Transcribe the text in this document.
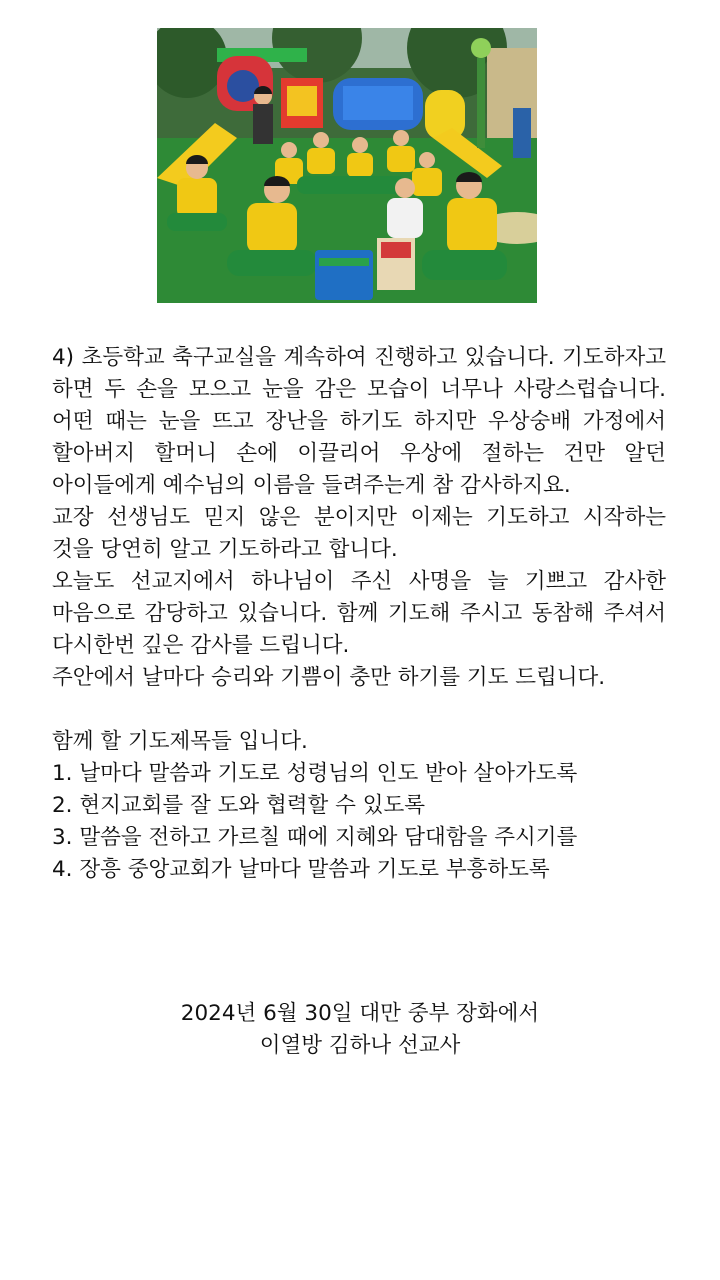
4) 초등학교 축구교실을 계속하여 진행하고 있습니다. 기도하자고 하면 두 손을 모으고 눈을 감은 모습이 너무나 사랑스럽습니다. 어떤 때는 눈을 뜨고 장난을 하기도 하지만 우상숭배 가정에서 할아버지 할머니 손에 이끌리어 우상에 절하는 건만 알던 아이들에게 예수님의 이름을 들려주는게 참 감사하지요.

교장 선생님도 믿지 않은 분이지만 이제는 기도하고 시작하는 것을 당연히 알고 기도하라고 합니다.

오늘도 선교지에서 하나님이 주신 사명을 늘 기쁘고 감사한 마음으로 감당하고 있습니다. 함께 기도해 주시고 동참해 주셔서 다시한번 깊은 감사를 드립니다.

주안에서 날마다 승리와 기쁨이 충만 하기를 기도 드립니다.

함께 할 기도제목들 입니다.

1. 날마다 말씀과 기도로 성령님의 인도 받아 살아가도록
2. 현지교회를 잘 도와 협력할 수 있도록
3. 말씀을 전하고 가르칠 때에 지혜와 담대함을 주시기를
4. 장흥 중앙교회가 날마다 말씀과 기도로 부흥하도록
2024년 6월 30일 대만 중부 장화에서
이열방 김하나 선교사
